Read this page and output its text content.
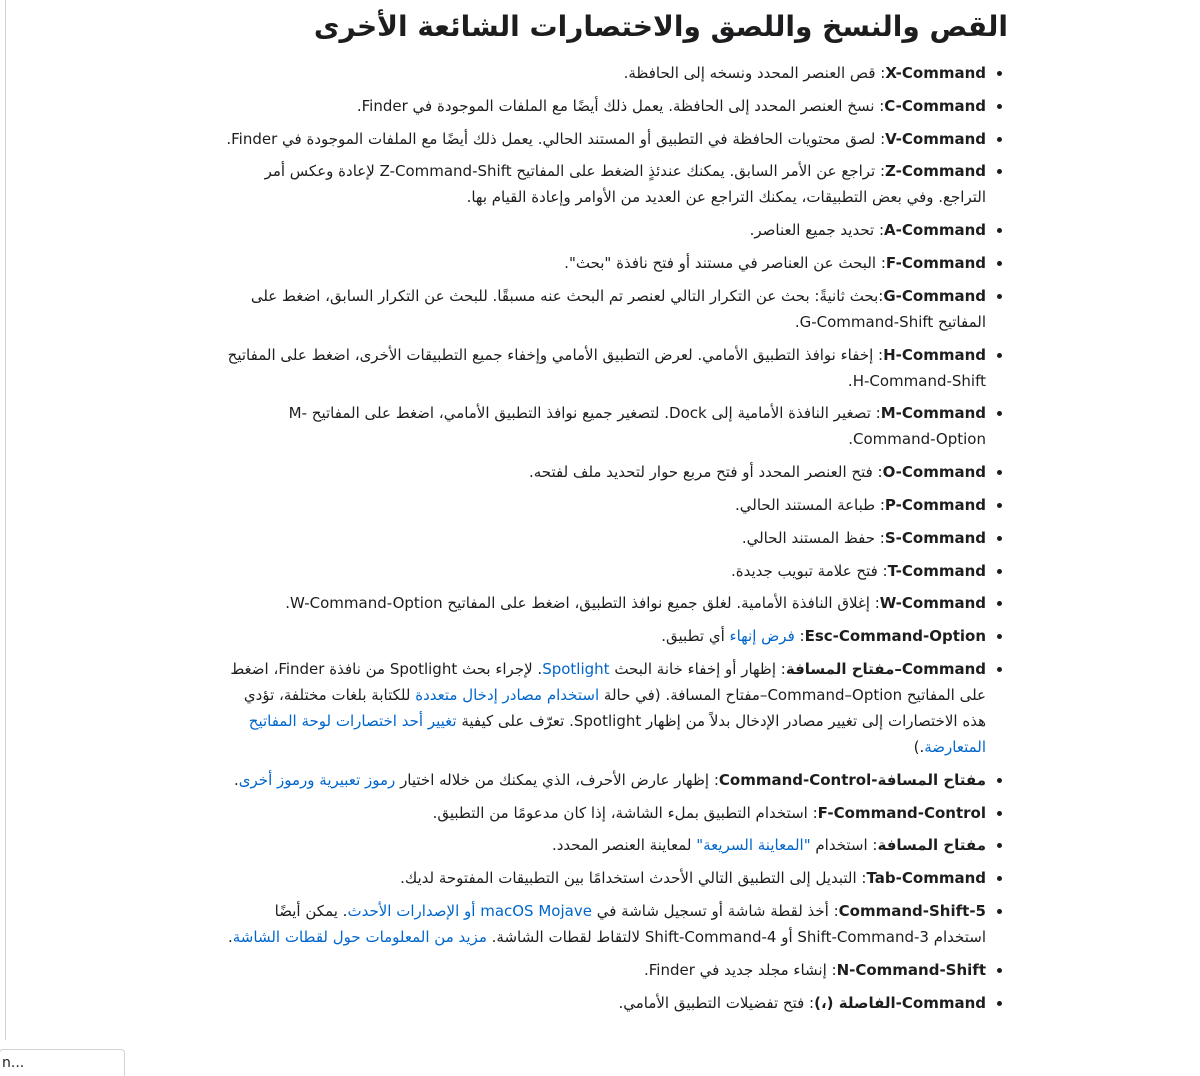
القص والنسخ واللصق والاختصارات الشائعة الأخرى
• X-Command: قص العنصر المحدد ونسخه إلى الحافظة.
• C-Command: نسخ العنصر المحدد إلى الحافظة. يعمل ذلك أيضًا مع الملفات الموجودة في Finder.
• V-Command: لصق محتويات الحافظة في التطبيق أو المستند الحالي. يعمل ذلك أيضًا مع الملفات الموجودة في Finder.
• Z-Command: تراجع عن الأمر السابق. يمكنك عندئذٍ الضغط على المفاتيح Z-Command-Shift لإعادة وعكس أمر التراجع. وفي بعض التطبيقات، يمكنك التراجع عن العديد من الأوامر وإعادة القيام بها.
• A-Command: تحديد جميع العناصر.
• F-Command: البحث عن العناصر في مستند أو فتح نافذة "بحث".
• G-Command:بحث ثانيةً: بحث عن التكرار التالي لعنصر تم البحث عنه مسبقًا. للبحث عن التكرار السابق، اضغط على المفاتيح G-Command-Shift.
• H-Command: إخفاء نوافذ التطبيق الأمامي. لعرض التطبيق الأمامي وإخفاء جميع التطبيقات الأخرى، اضغط على المفاتيح H-Command-Shift.
• M-Command: تصغير النافذة الأمامية إلى Dock. لتصغير جميع نوافذ التطبيق الأمامي، اضغط على المفاتيح M-Command-Option.
• O-Command: فتح العنصر المحدد أو فتح مربع حوار لتحديد ملف لفتحه.
• P-Command: طباعة المستند الحالي.
• S-Command: حفظ المستند الحالي.
• T-Command: فتح علامة تبويب جديدة.
• W-Command: إغلاق النافذة الأمامية. لغلق جميع نوافذ التطبيق، اضغط على المفاتيح W-Command-Option.
• Esc-Command-Option: فرض إنهاء أي تطبيق.
• Command–مفتاح المسافة: إظهار أو إخفاء خانة البحث Spotlight. لإجراء بحث Spotlight من نافذة Finder، اضغط على المفاتيح Command–Option–مفتاح المسافة. (في حالة استخدام مصادر إدخال متعددة للكتابة بلغات مختلفة، تؤدي هذه الاختصارات إلى تغيير مصادر الإدخال بدلاً من إظهار Spotlight. تعرّف على كيفية تغيير أحد اختصارات لوحة المفاتيح المتعارضة.)
• مفتاح المسافة-Command-Control: إظهار عارض الأحرف، الذي يمكنك من خلاله اختيار رموز تعبيرية ورموز أخرى.
• F-Command-Control: استخدام التطبيق بملء الشاشة، إذا كان مدعومًا من التطبيق.
• مفتاح المسافة: استخدام "المعاينة السريعة" لمعاينة العنصر المحدد.
• Tab-Command: التبديل إلى التطبيق التالي الأحدث استخدامًا بين التطبيقات المفتوحة لديك.
• Command-Shift-5: أخذ لقطة شاشة أو تسجيل شاشة في macOS Mojave أو الإصدارات الأحدث. يمكن أيضًا استخدام Shift-Command-3 أو Shift-Command-4 لالتقاط لقطات الشاشة. مزيد من المعلومات حول لقطات الشاشة.
• N-Command-Shift: إنشاء مجلد جديد في Finder.
• Command-الفاصلة (،): فتح تفضيلات التطبيق الأمامي.
n...
